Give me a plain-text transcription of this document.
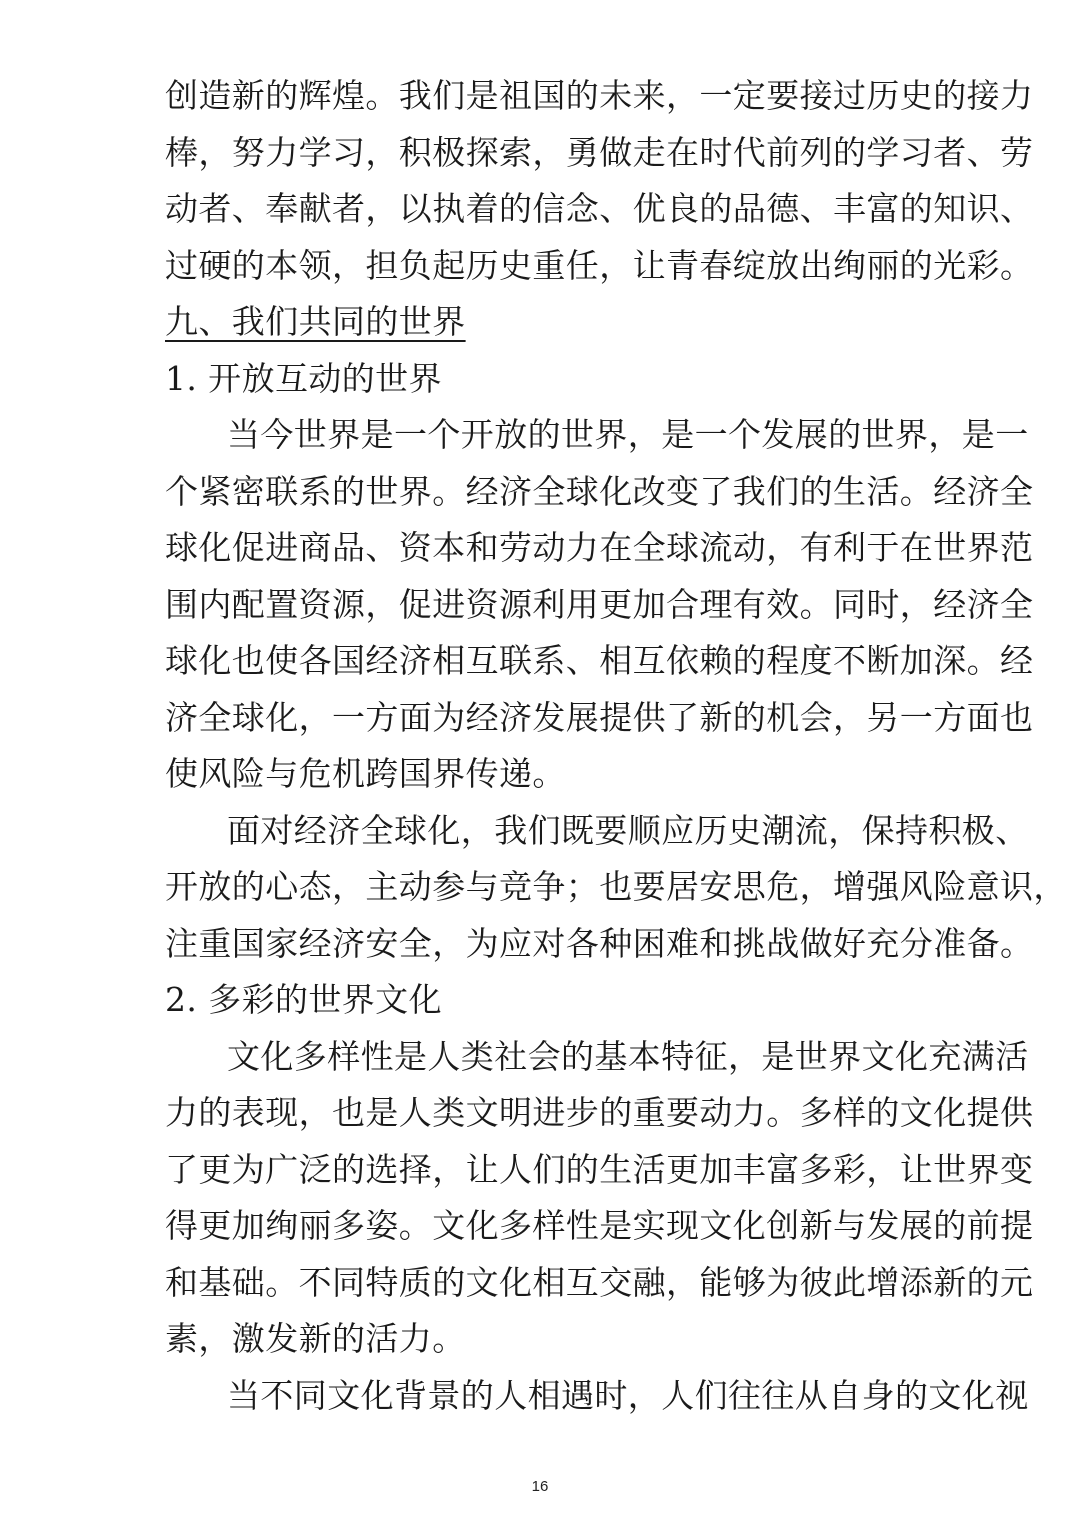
创造新的辉煌。我们是祖国的未来，一定要接过历史的接力
棒，努力学习，积极探索，勇做走在时代前列的学习者、劳
动者、奉献者，以执着的信念、优良的品德、丰富的知识、
过硬的本领，担负起历史重任，让青春绽放出绚丽的光彩。
九、我们共同的世界
1. 开放互动的世界
当今世界是一个开放的世界，是一个发展的世界，是一
个紧密联系的世界。经济全球化改变了我们的生活。经济全
球化促进商品、资本和劳动力在全球流动，有利于在世界范
围内配置资源，促进资源利用更加合理有效。同时，经济全
球化也使各国经济相互联系、相互依赖的程度不断加深。经
济全球化，一方面为经济发展提供了新的机会，另一方面也
使风险与危机跨国界传递。
面对经济全球化，我们既要顺应历史潮流，保持积极、
开放的心态，主动参与竞争；也要居安思危，增强风险意识，
注重国家经济安全，为应对各种困难和挑战做好充分准备。
2. 多彩的世界文化
文化多样性是人类社会的基本特征，是世界文化充满活
力的表现，也是人类文明进步的重要动力。多样的文化提供
了更为广泛的选择，让人们的生活更加丰富多彩，让世界变
得更加绚丽多姿。文化多样性是实现文化创新与发展的前提
和基础。不同特质的文化相互交融，能够为彼此增添新的元
素，激发新的活力。
当不同文化背景的人相遇时，人们往往从自身的文化视
16
